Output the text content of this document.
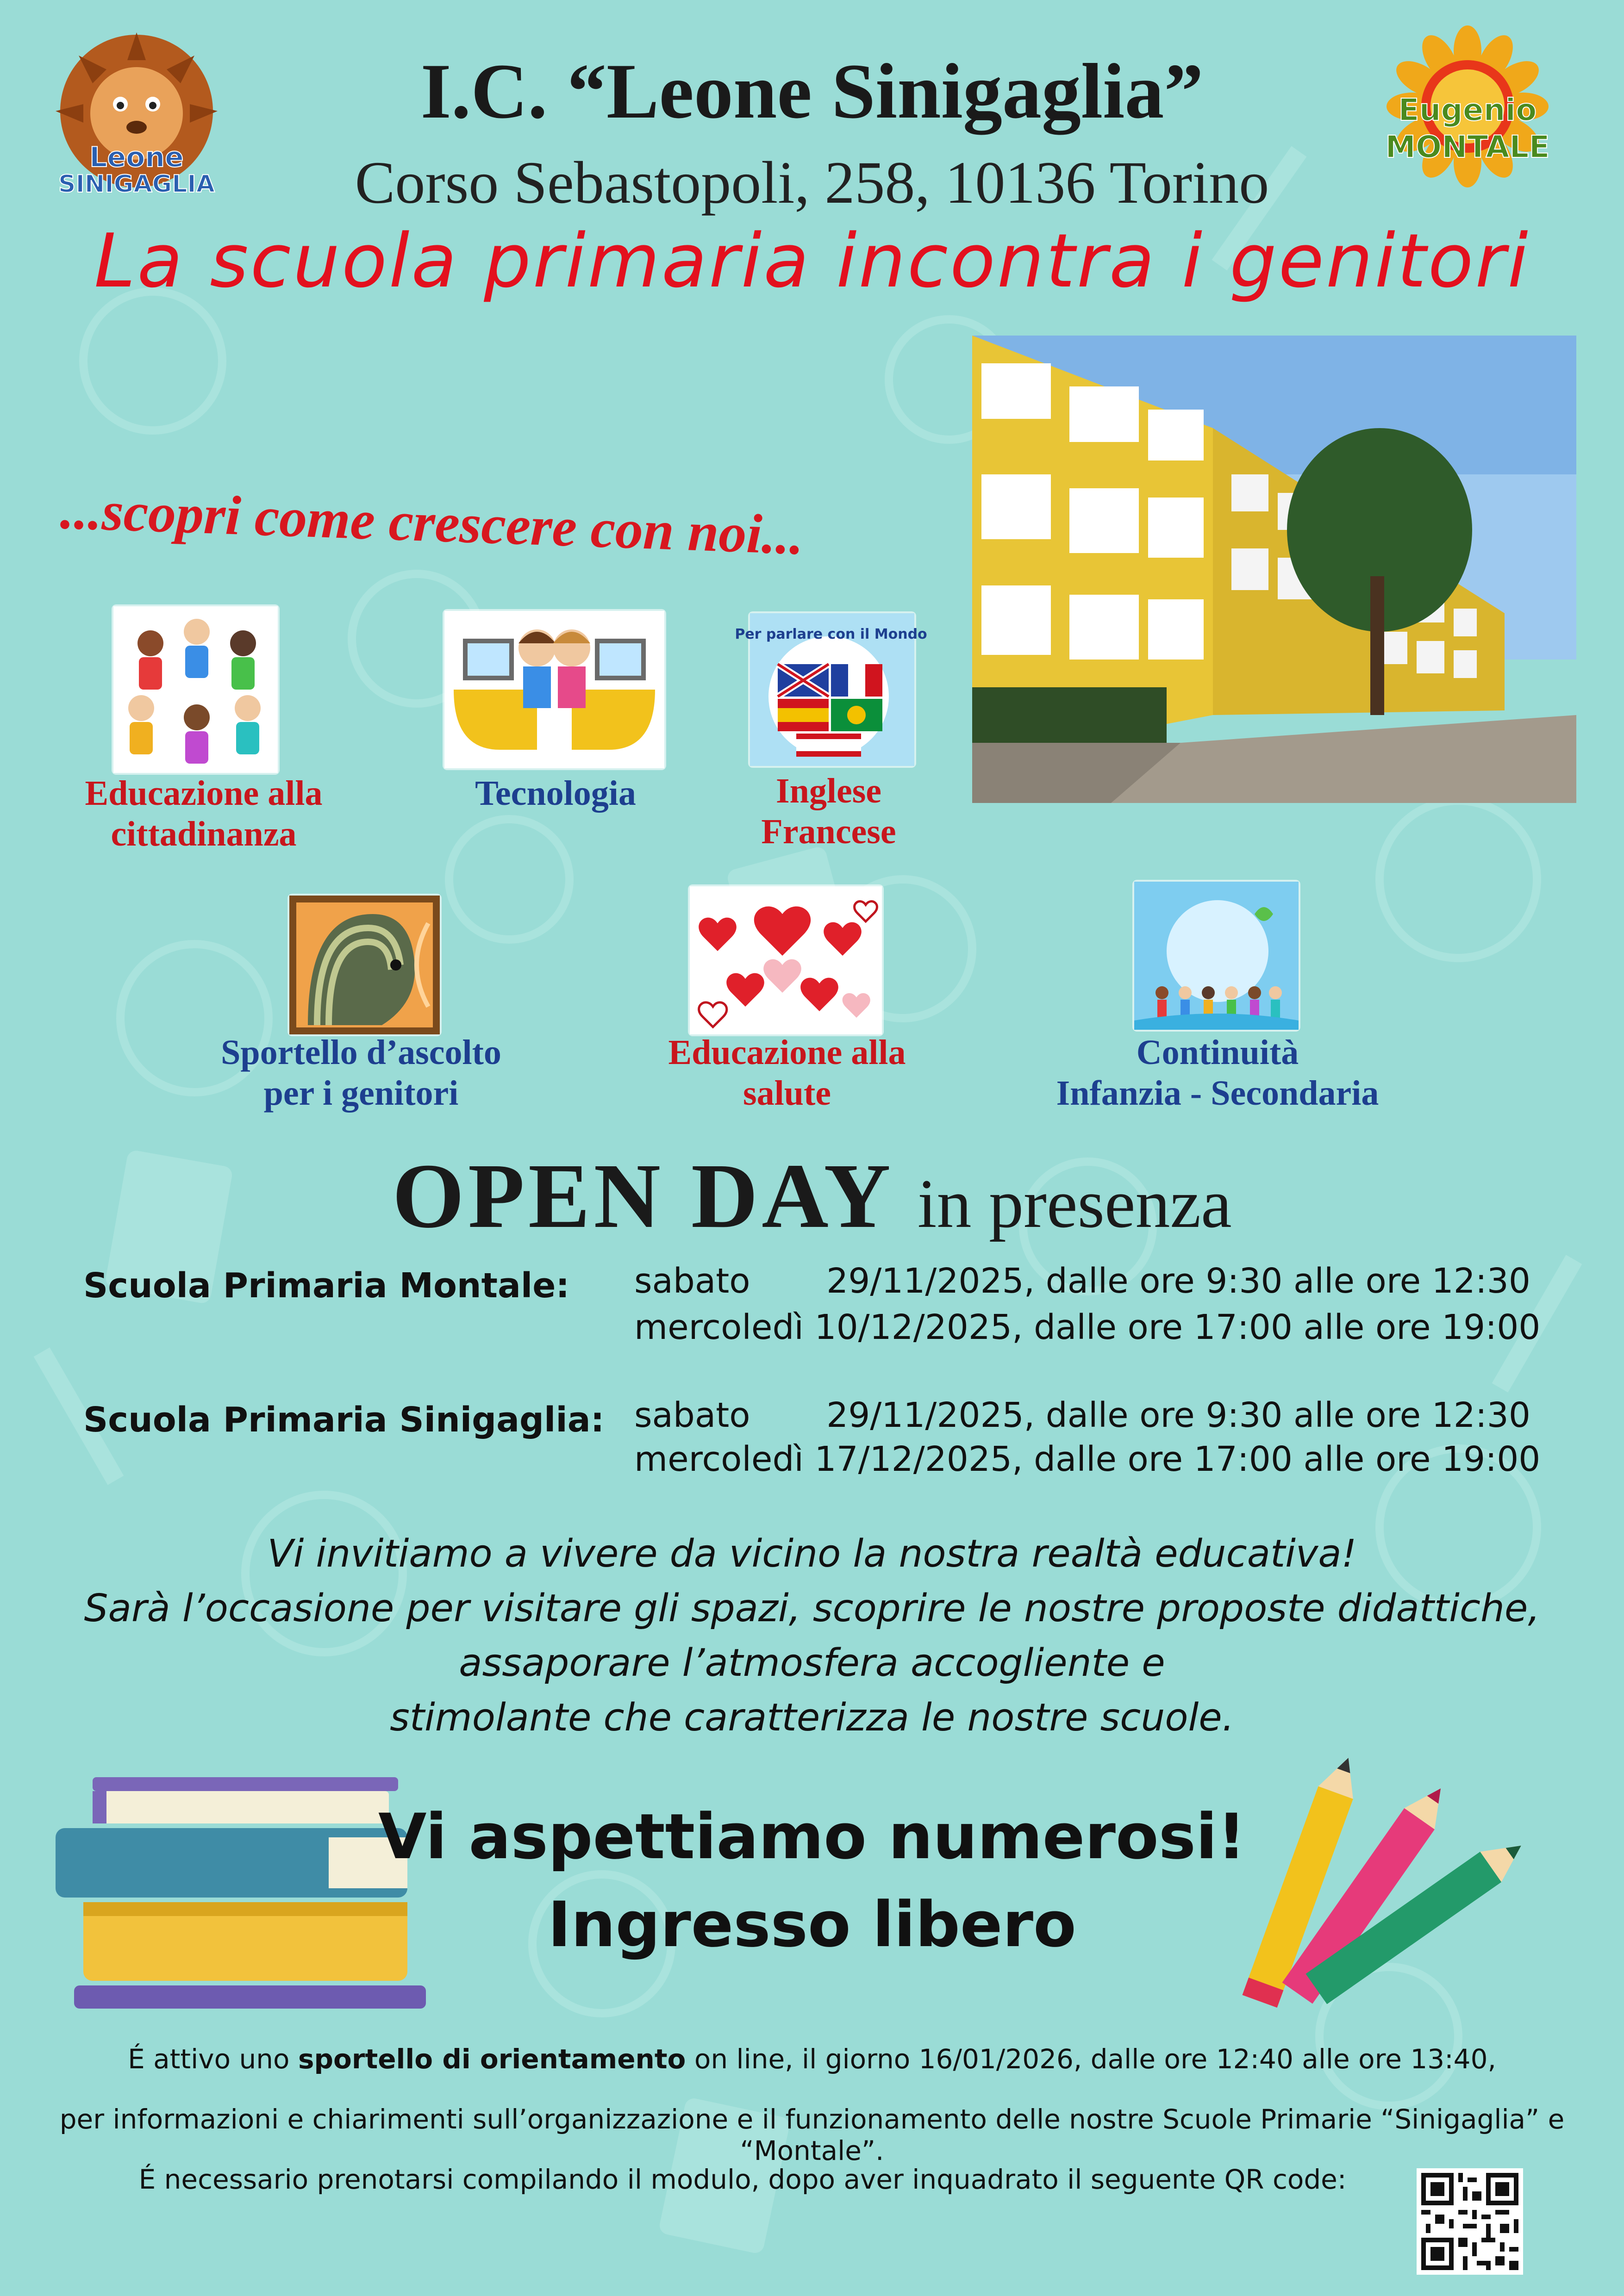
Leone
SINIGAGLIA
Eugenio
MONTALE
I.C. “Leone Sinigaglia”
Corso Sebastopoli, 258, 10136 Torino
La scuola primaria incontra i genitori
...scopri come crescere con noi...
Educazione alla
cittadinanza
Tecnologia
Per parlare con il Mondo
Inglese
Francese
Sportello d’ascolto
per i genitori
Educazione alla
salute
Continuità
Infanzia - Secondaria
OPEN DAY in presenza
Scuola Primaria Montale: sabato       29/11/2025, dalle ore 9:30 alle ore 12:30
mercoledì 10/12/2025, dalle ore 17:00 alle ore 19:00
Scuola Primaria Sinigaglia: sabato       29/11/2025, dalle ore 9:30 alle ore 12:30
mercoledì 17/12/2025, dalle ore 17:00 alle ore 19:00
Vi invitiamo a vivere da vicino la nostra realtà educativa!
Sarà l’occasione per visitare gli spazi, scoprire le nostre proposte didattiche,
assaporare l’atmosfera accogliente e
stimolante che caratterizza le nostre scuole.
Vi aspettiamo numerosi!
Ingresso libero
É attivo uno sportello di orientamento on line, il giorno 16/01/2026, dalle ore 12:40 alle ore 13:40,
per informazioni e chiarimenti sull’organizzazione e il funzionamento delle nostre Scuole Primarie “Sinigaglia” e “Montale”.
É necessario prenotarsi compilando il modulo, dopo aver inquadrato il seguente QR code:
